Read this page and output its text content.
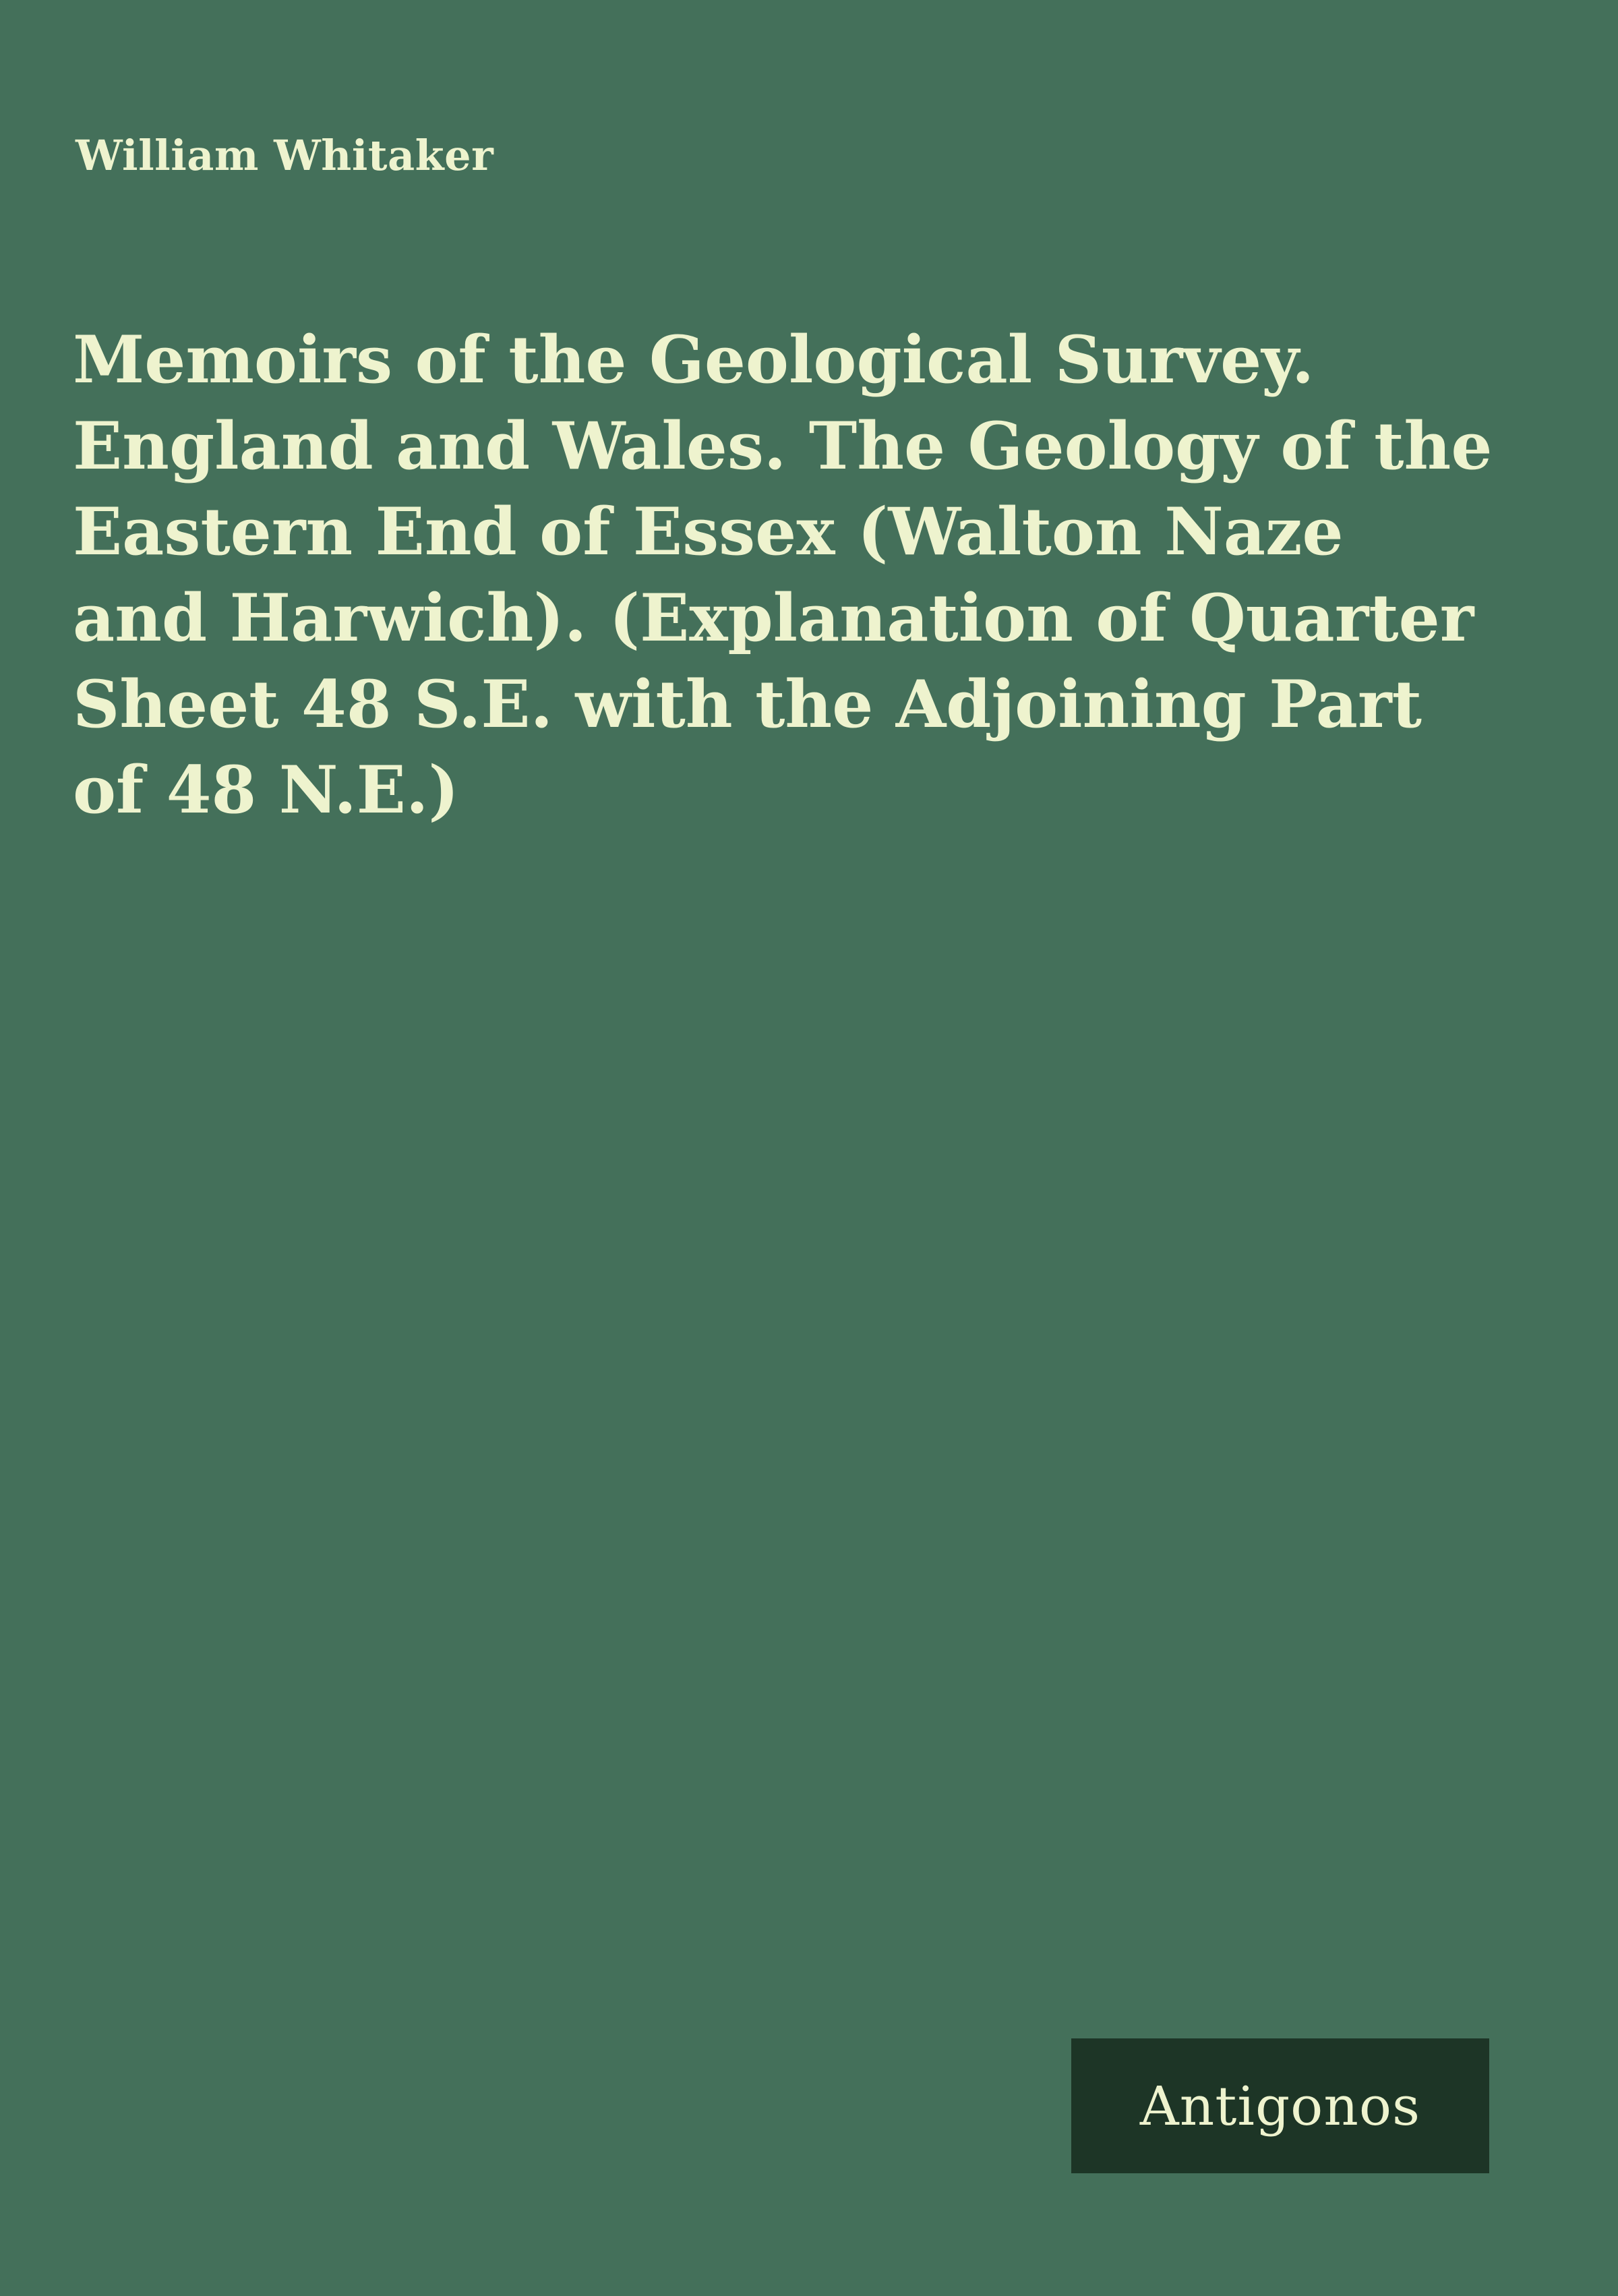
William Whitaker
Memoirs of the Geological Survey. England and Wales. The Geology of the Eastern End of Essex (Walton Naze and Harwich). (Explanation of Quarter Sheet 48 S.E. with the Adjoining Part of 48 N.E.)
Antigonos
